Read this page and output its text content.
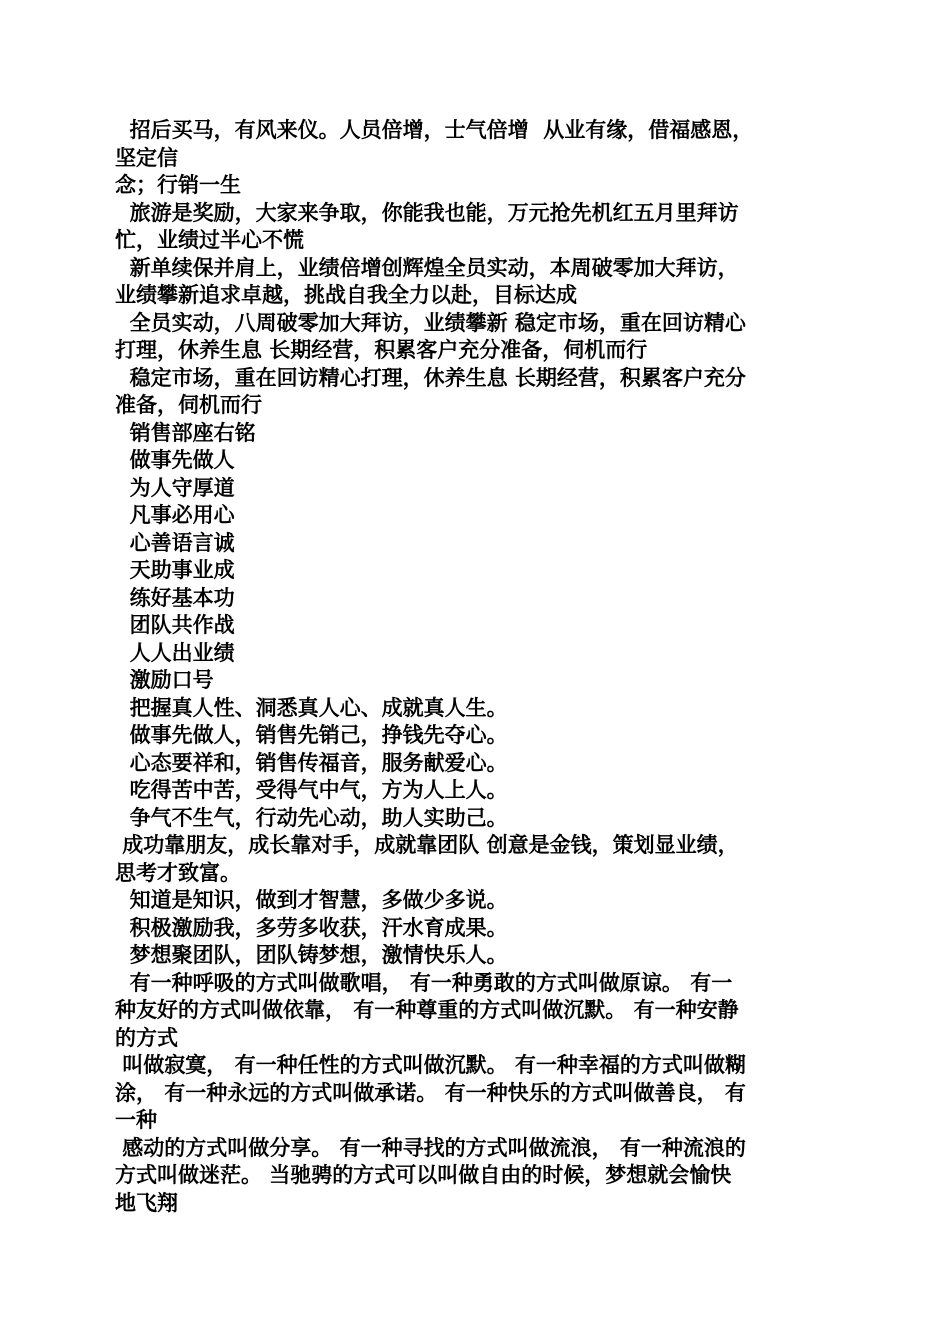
招后买马，有风来仪。人员倍增，士气倍增  从业有缘，借福感恩，
坚定信
念；行销一生
旅游是奖励，大家来争取，你能我也能，万元抢先机红五月里拜访
忙，业绩过半心不慌
新单续保并肩上，业绩倍增创辉煌全员实动，本周破零加大拜访，
业绩攀新追求卓越，挑战自我全力以赴，目标达成
全员实动，八周破零加大拜访，业绩攀新 稳定市场，重在回访精心
打理，休养生息 长期经营，积累客户充分准备，伺机而行
稳定市场，重在回访精心打理，休养生息 长期经营，积累客户充分
准备，伺机而行
销售部座右铭
做事先做人
为人守厚道
凡事必用心
心善语言诚
天助事业成
练好基本功
团队共作战
人人出业绩
激励口号
把握真人性、洞悉真人心、成就真人生。
做事先做人，销售先销己，挣钱先夺心。
心态要祥和，销售传福音，服务献爱心。
吃得苦中苦，受得气中气，方为人上人。
争气不生气，行动先心动，助人实助己。
成功靠朋友，成长靠对手，成就靠团队 创意是金钱，策划显业绩，
思考才致富。
知道是知识，做到才智慧，多做少多说。
积极激励我，多劳多收获，汗水育成果。
梦想聚团队，团队铸梦想，激情快乐人。
有一种呼吸的方式叫做歌唱， 有一种勇敢的方式叫做原谅。 有一
种友好的方式叫做依靠， 有一种尊重的方式叫做沉默。 有一种安静
的方式
叫做寂寞， 有一种任性的方式叫做沉默。 有一种幸福的方式叫做糊
涂， 有一种永远的方式叫做承诺。 有一种快乐的方式叫做善良， 有
一种
感动的方式叫做分享。 有一种寻找的方式叫做流浪， 有一种流浪的
方式叫做迷茫。 当驰骋的方式可以叫做自由的时候，梦想就会愉快
地飞翔
